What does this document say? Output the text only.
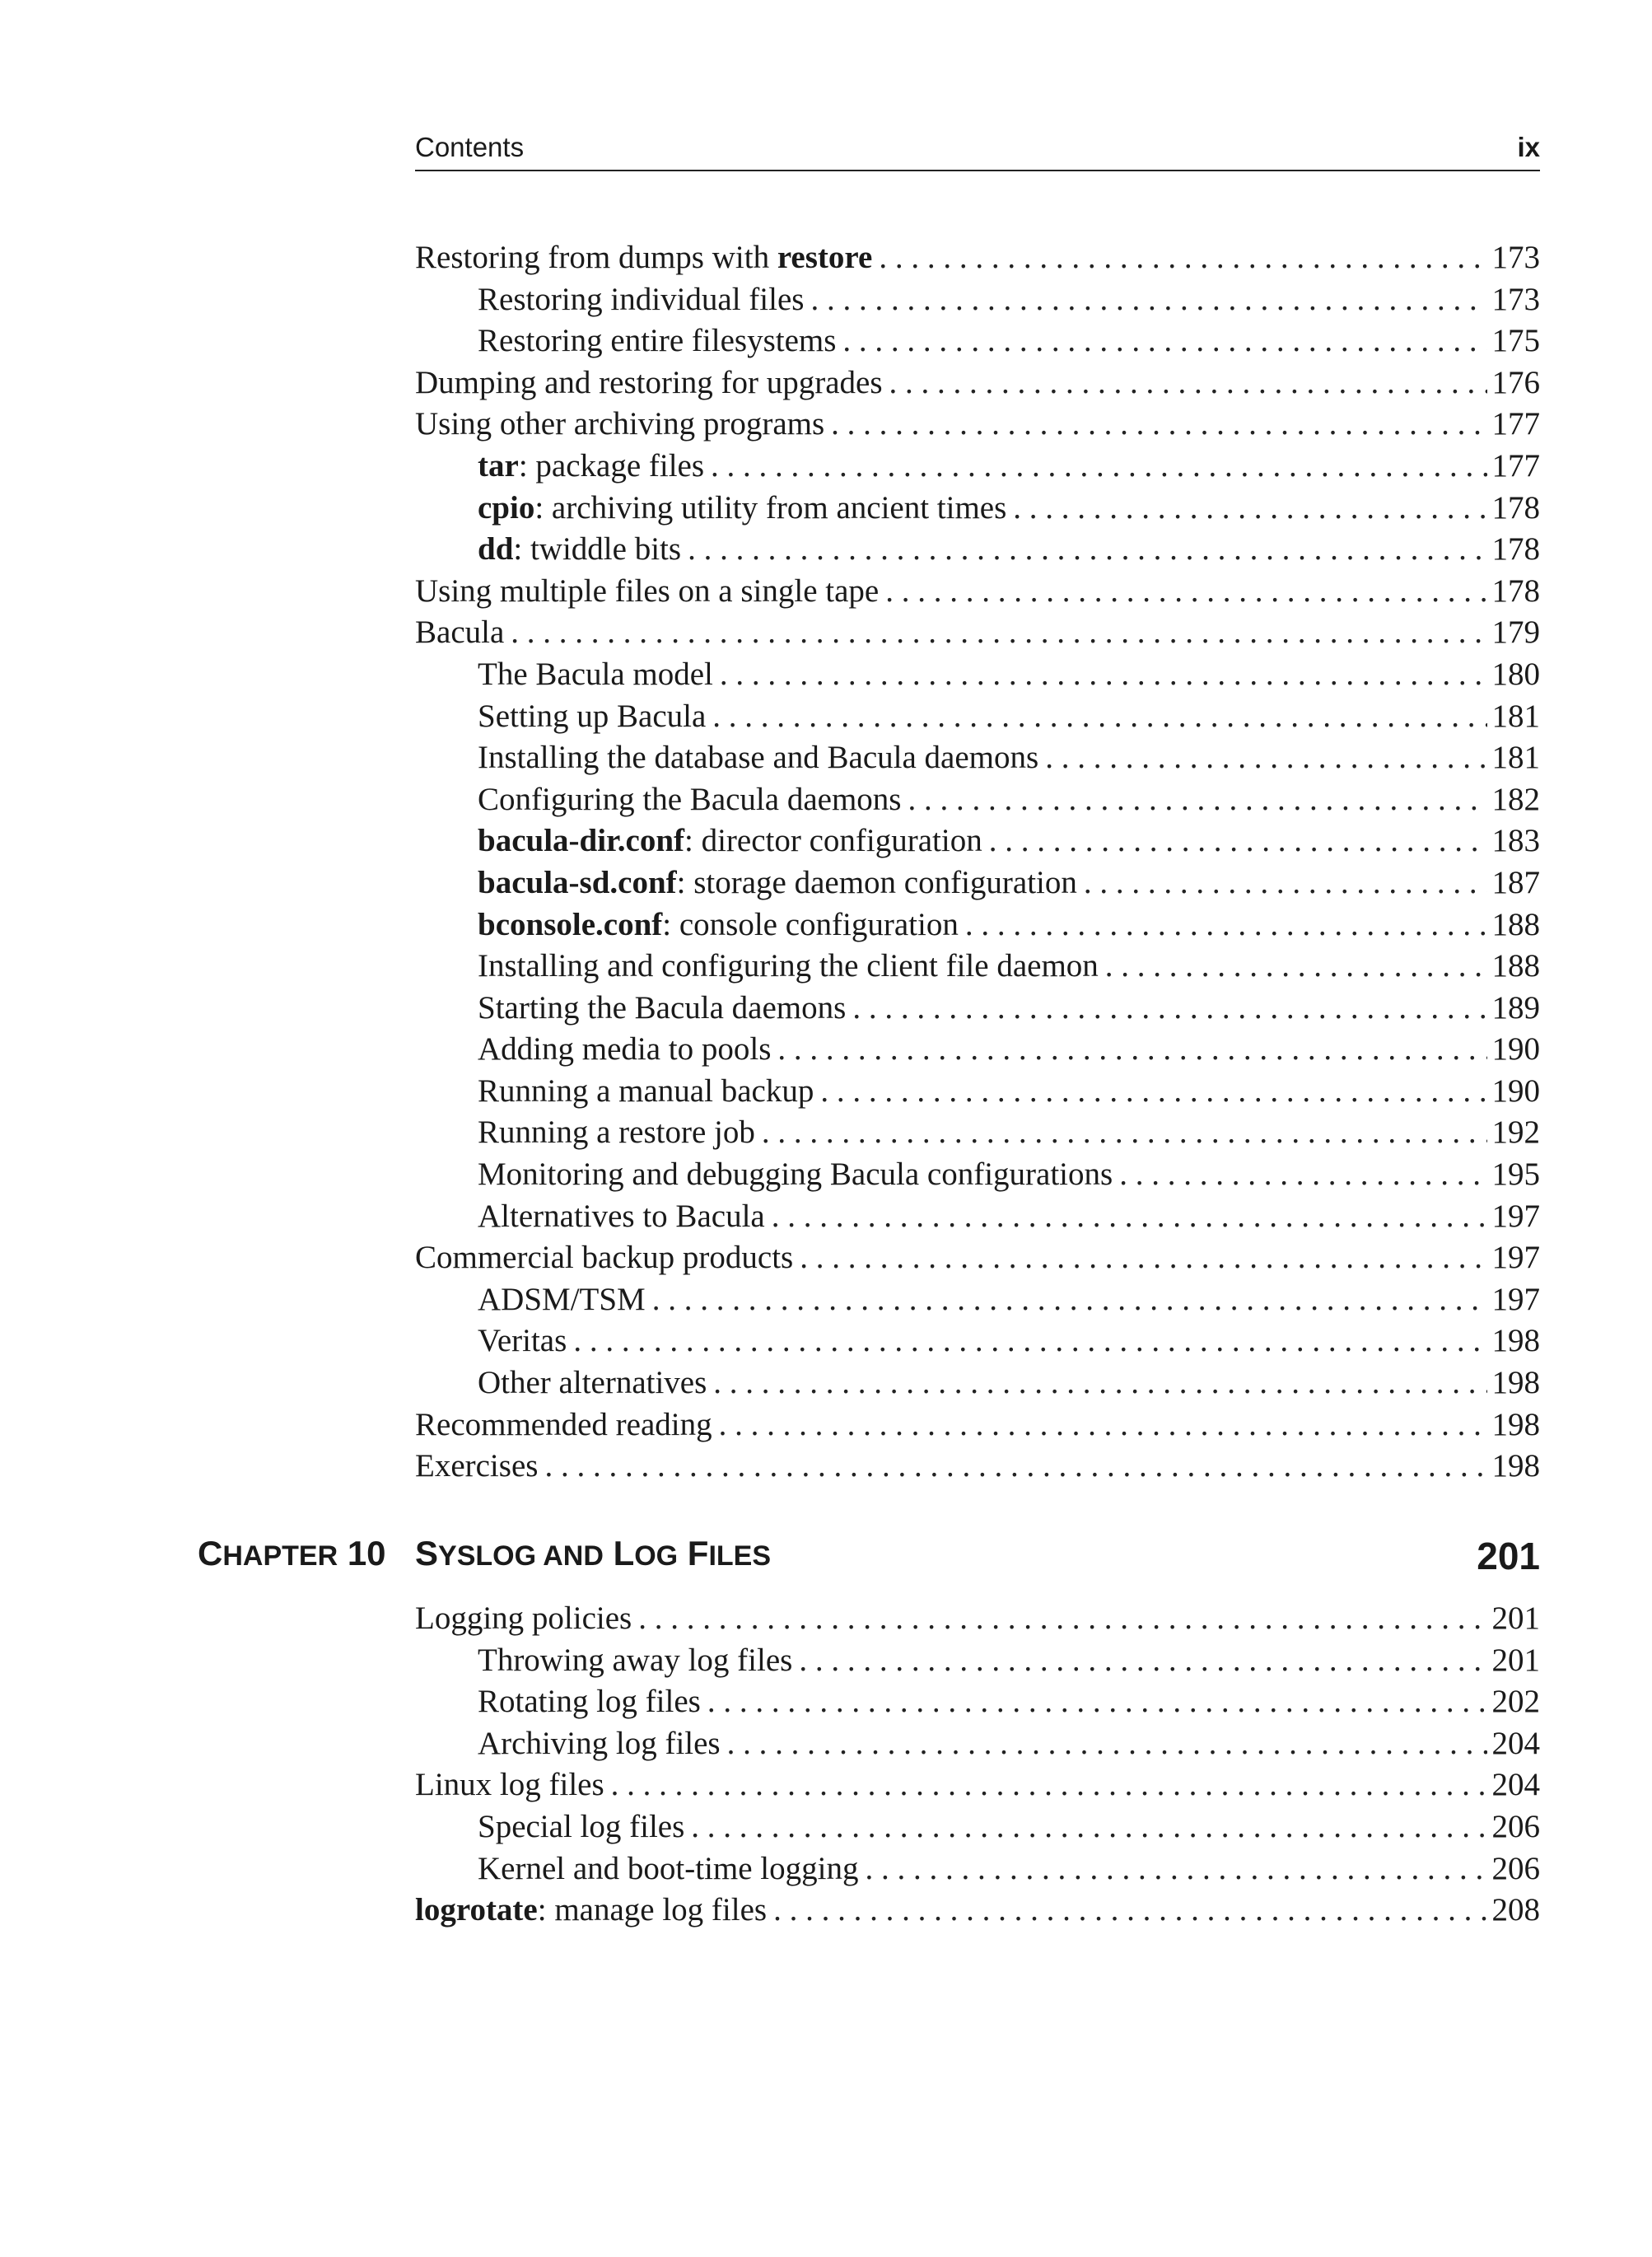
Contents	ix
Restoring from dumps with restore . . .	173
Restoring individual files . . .	173
Restoring entire filesystems . . .	175
Dumping and restoring for upgrades . . .	176
Using other archiving programs . . .	177
tar: package files . . .	177
cpio: archiving utility from ancient times . . .	178
dd: twiddle bits . . .	178
Using multiple files on a single tape . . .	178
Bacula . . .	179
The Bacula model . . .	180
Setting up Bacula . . .	181
Installing the database and Bacula daemons . . .	181
Configuring the Bacula daemons . . .	182
bacula-dir.conf: director configuration . . .	183
bacula-sd.conf: storage daemon configuration . . .	187
bconsole.conf: console configuration . . .	188
Installing and configuring the client file daemon . . .	188
Starting the Bacula daemons . . .	189
Adding media to pools . . .	190
Running a manual backup . . .	190
Running a restore job . . .	192
Monitoring and debugging Bacula configurations . . .	195
Alternatives to Bacula . . .	197
Commercial backup products . . .	197
ADSM/TSM . . .	197
Veritas . . .	198
Other alternatives . . .	198
Recommended reading . . .	198
Exercises . . .	198
CHAPTER 10 SYSLOG AND LOG FILES	201
Logging policies . . .	201
Throwing away log files . . .	201
Rotating log files . . .	202
Archiving log files . . .	204
Linux log files . . .	204
Special log files . . .	206
Kernel and boot-time logging . . .	206
logrotate: manage log files . . .	208
